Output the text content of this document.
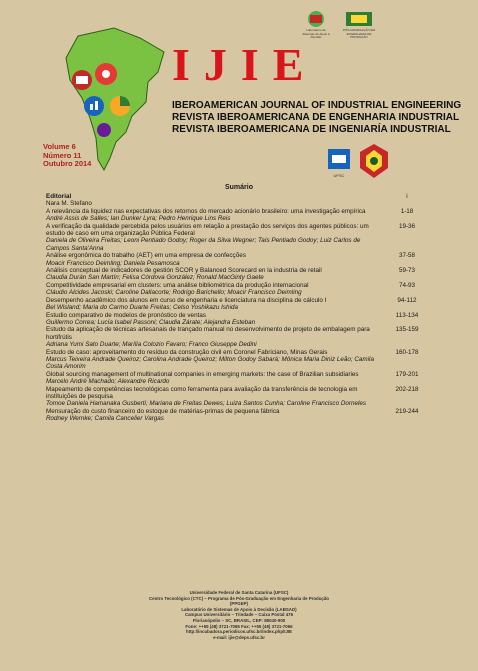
Laboratório de Sistemas de Apoio à Decisão
PÓS-GRADUAÇÃO EM ENGENHARIA DE PRODUÇÃO
IJIE
IBEROAMERICAN JOURNAL OF INDUSTRIAL ENGINEERING
REVISTA IBEROAMERICANA DE ENGENHARIA INDUSTRIAL
REVISTA IBEROAMERICANA DE INGENIARÍA INDUSTRIAL
Volume 6
Número 11
Outubro 2014
UFSC
Sumário
Editorial
Nara M. Stefano
i
A relevância da liquidez nas expectativas dos retornos do mercado acionário brasileiro: uma investigação empírica
André Assis de Salles; Ian Dunker Lyra; Pedro Henrique Lins Reis
1-18
A verificação da qualidade percebida pelos usuários em relação a prestação dos serviços dos agentes públicos: um estudo de caso em uma organização Pública Federal
Daniela de Oliveira Freitas; Leoni Pentiado Godoy; Roger da Silva Wegner; Taís Pentiado Godoy; Luiz Carlos de Campos Santa'Anna
19-36
Análise ergonômica do trabalho (AET) em uma empresa de confecções
Moacir Francisco Deimling; Daniela Pesamosca
37-58
Análisis conceptual de indicadores de gestión SCOR y Balanced Scorecard en la industria de retail
Claudia Durán San Martín; Felisa Córdova González; Ronald MacGinty Gaete
59-73
Competitividade empresarial em clusters: uma análise bibliométrica da produção internacional
Cláudio Alcides Jacoski; Caroline Dallacorte; Rodrigo Barichello; Moacir Francisco Deimling
74-93
Desempenho acadêmico dos alunos em curso de engenharia e licenciatura na disciplina de cálculo I
Bel Wisland; Maria do Carmo Duarte Freitas; Celso Yoshikazu Ishida
94-112
Estudio comparativo de modelos de pronóstico de ventas
Guillermo Correa; Lucía Isabel Passoni; Claudia Zárate; Alejandra Esteban
113-134
Estudo da aplicação de técnicas artesanais de trançado manual no desenvolvimento de projeto de embalagem para hortifrútis
Adriana Yumi Sato Duarte; Marília Colozio Favaro; Franco Giuseppe Dedini
135-159
Estudo de caso: aproveitamento do resíduo da construção civil em Coronel Fabriciano, Minas Gerais
Marcus Teixeira Andrade Queiroz; Carolina Andrade Queiroz; Milton Godoy Sabará; Mônica Maria Diniz Leão; Camila Costa Amorim
160-178
Global sourcing management of multinational companies in emerging markets: the case of Brazilian subsidiaries
Marcelo André Machado; Alexandre Ricardo
179-201
Mapeamento de competências tecnológicas como ferramenta para avaliação da transferência de tecnologia em instituições de pesquisa
Tomoe Daniela Hamanaka Gusberti; Mariana de Freitas Dewes; Luiza Santos Cunha; Caroline Francisco Dorneles
202-218
Mensuração do custo financeiro do estoque de matérias-primas de pequena fábrica
Rodney Wernke; Camila Cancelier Vargas
219-244
Universidade Federal de Santa Catarina (UFSC)
Centro Tecnológico (CTC) – Programa de Pós-Graduação em Engenharia de Produção
(PPGEP)
Laboratório de Sistemas de Apoio à Decisão (LABSAD)
Campus Universitário – Trindade – Caixa Postal 476
Florianópolis – SC, BRASIL, CEP: 88040-900
Fone: ++55 (48) 3721-7065 Fax: ++55 (48) 3721-7066
http://incubadora.periodicos.ufsc.br/index.php/IJIE
e-mail: ijie@deps.ufsc.br
